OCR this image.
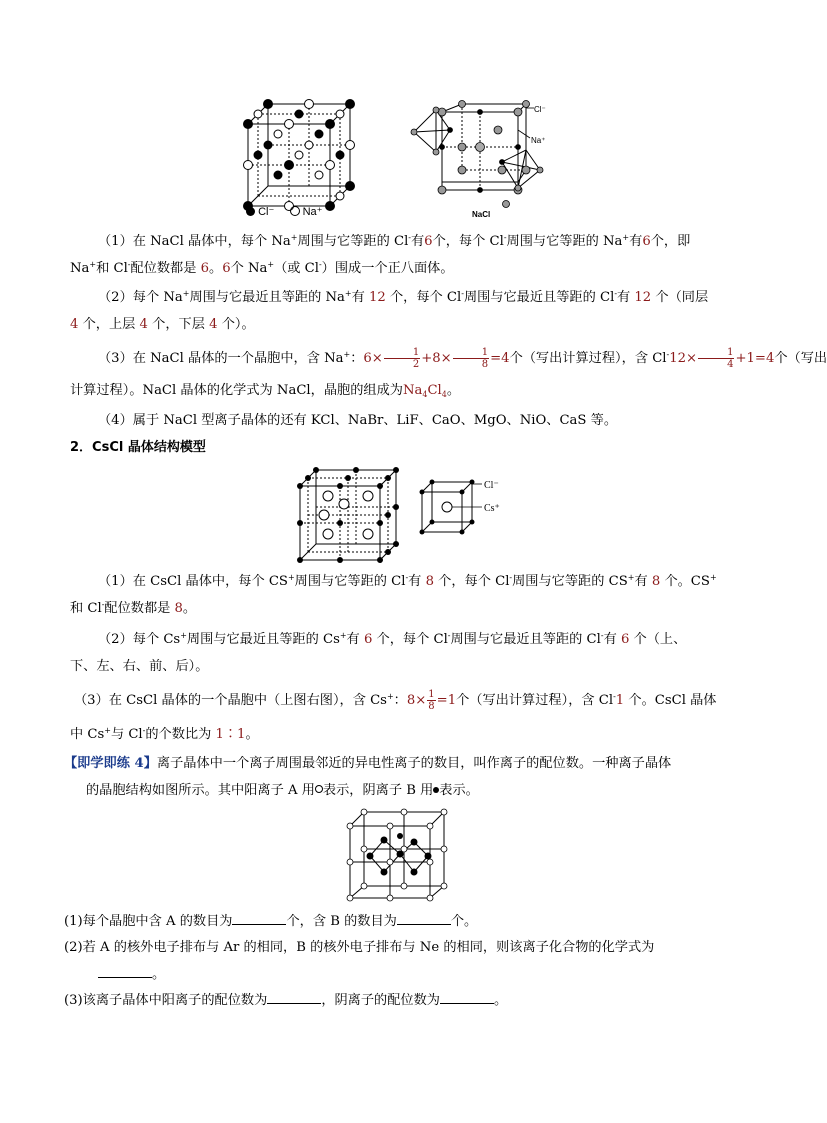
Cl⁻	Na⁺
Cl⁻
Na⁺
NaCl
（1）在 NaCl 晶体中，每个 Na+周围与它等距的 Cl-有6个，每个 Cl-周围与它等距的 Na+有6个，即
Na+和 Cl-配位数都是 6。6个 Na+（或 Cl-）围成一个正八面体。
（2）每个 Na+周围与它最近且等距的 Na+有 12 个，每个 Cl-周围与它最近且等距的 Cl-有 12 个（同层
4 个，上层 4 个，下层 4 个）。
（3）在 NaCl 晶体的一个晶胞中，含 Na+：$6\times \frac{1}{2} +8\times \frac{1}{8} =4$个（写出计算过程），含 $Cl^-12\times \frac{1}{4} +1=4$个（写出
计算过程）。NaCl 晶体的化学式为 NaCl，晶胞的组成为$Na_4Cl_4$。
（4）属于 NaCl 型离子晶体的还有 KCl、NaBr、LiF、CaO、MgO、NiO、CaS 等。
2．CsCl 晶体结构模型
Cl⁻
Cs⁺
（1）在 CsCl 晶体中，每个 CS+周围与它等距的 Cl-有 8 个，每个 Cl-周围与它等距的 CS+有 8 个。CS+
和 Cl-配位数都是 8。
（2）每个 Cs+周围与它最近且等距的 Cs+有 6 个，每个 Cl-周围与它最近且等距的 Cl-有 6 个（上、
下、左、右、前、后）。
（3）在 CsCl 晶体的一个晶胞中（上图右图），含 Cs+：$8\times \frac{1}{8} =1$个（写出计算过程），含 Cl-1 个。CsCl 晶体
中 Cs+与 Cl-的个数比为 1∶1。
【即学即练 4】离子晶体中一个离子周围最邻近的异电性离子的数目，叫作离子的配位数。一种离子晶体
的晶胞结构如图所示。其中阳离子 A 用 表示，阴离子 B 用 表示。
(1)每个晶胞中含 A 的数目为	个，含 B 的数目为	个。
(2)若 A 的核外电子排布与 Ar 的相同，B 的核外电子排布与 Ne 的相同，则该离子化合物的化学式为
。
(3)该离子晶体中阳离子的配位数为	，阴离子的配位数为	。
